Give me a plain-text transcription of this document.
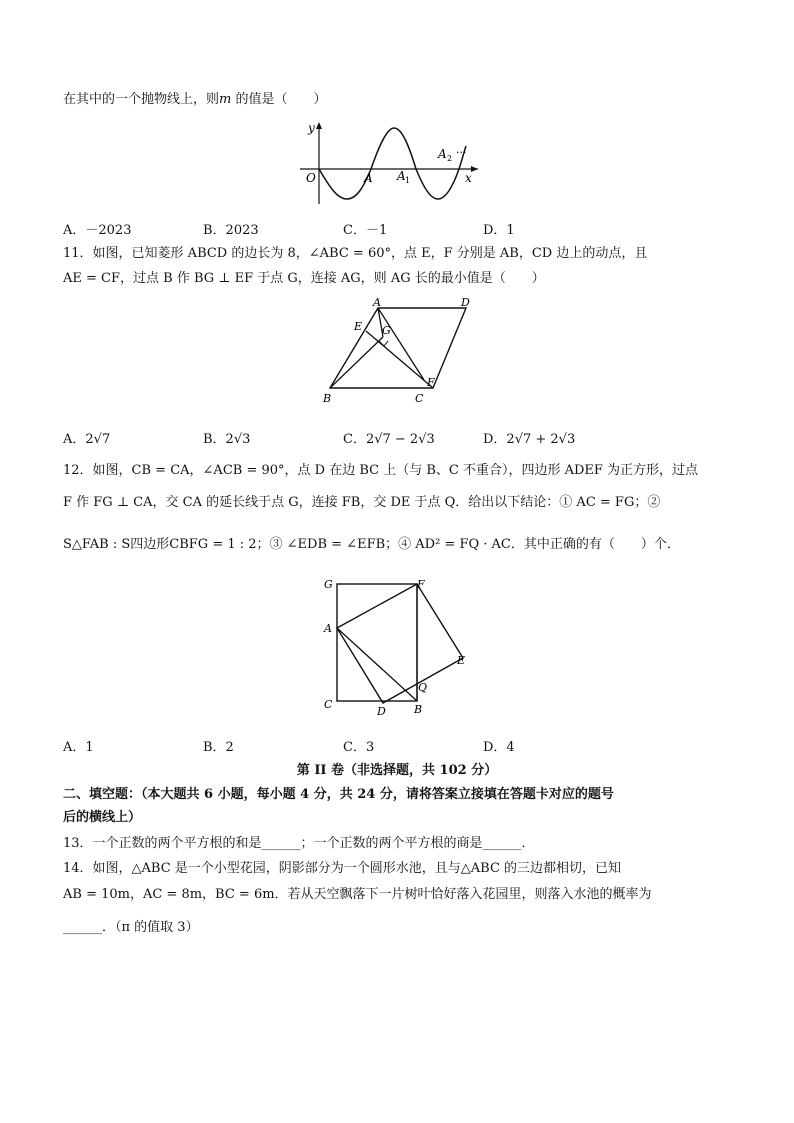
在其中的一个抛物线上，则m 的值是（　　）
y
O	A A 1
A 2 ···
x
A．－2023	B．2023	C．－1	D．1
11．如图，已知菱形 ABCD 的边长为 8，∠ABC = 60°，点 E，F 分别是 AB，CD 边上的动点，且
AE = CF，过点 B 作 BG ⊥ EF 于点 G，连接 AG，则 AG 长的最小值是（　　）
A	D
E G
B	C
F
A．2√7	B．2√3	C．2√7 − 2√3	D．2√7 + 2√3
12．如图，CB = CA，∠ACB = 90°，点 D 在边 BC 上（与 B、C 不重合），四边形 ADEF 为正方形，过点
F 作 FG ⊥ CA，交 CA 的延长线于点 G，连接 FB，交 DE 于点 Q．给出以下结论：① AC = FG；②
S△FAB : S四边形CBFG = 1 : 2；③ ∠EDB = ∠EFB；④ AD² = FQ · AC．其中正确的有（　　）个．
G	F
A
E
Q
C
D	B
A．1	B．2	C．3	D．4
第 II 卷（非选择题，共 102 分）
二、填空题：（本大题共 6 小题，每小题 4 分，共 24 分，请将答案立接填在答题卡对应的题号
后的横线上）
13．一个正数的两个平方根的和是______；一个正数的两个平方根的商是______．
14．如图，△ABC 是一个小型花园，阴影部分为一个圆形水池，且与△ABC 的三边都相切，已知
AB = 10m，AC = 8m，BC = 6m．若从天空飘落下一片树叶恰好落入花园里，则落入水池的概率为
______．（π 的值取 3）
